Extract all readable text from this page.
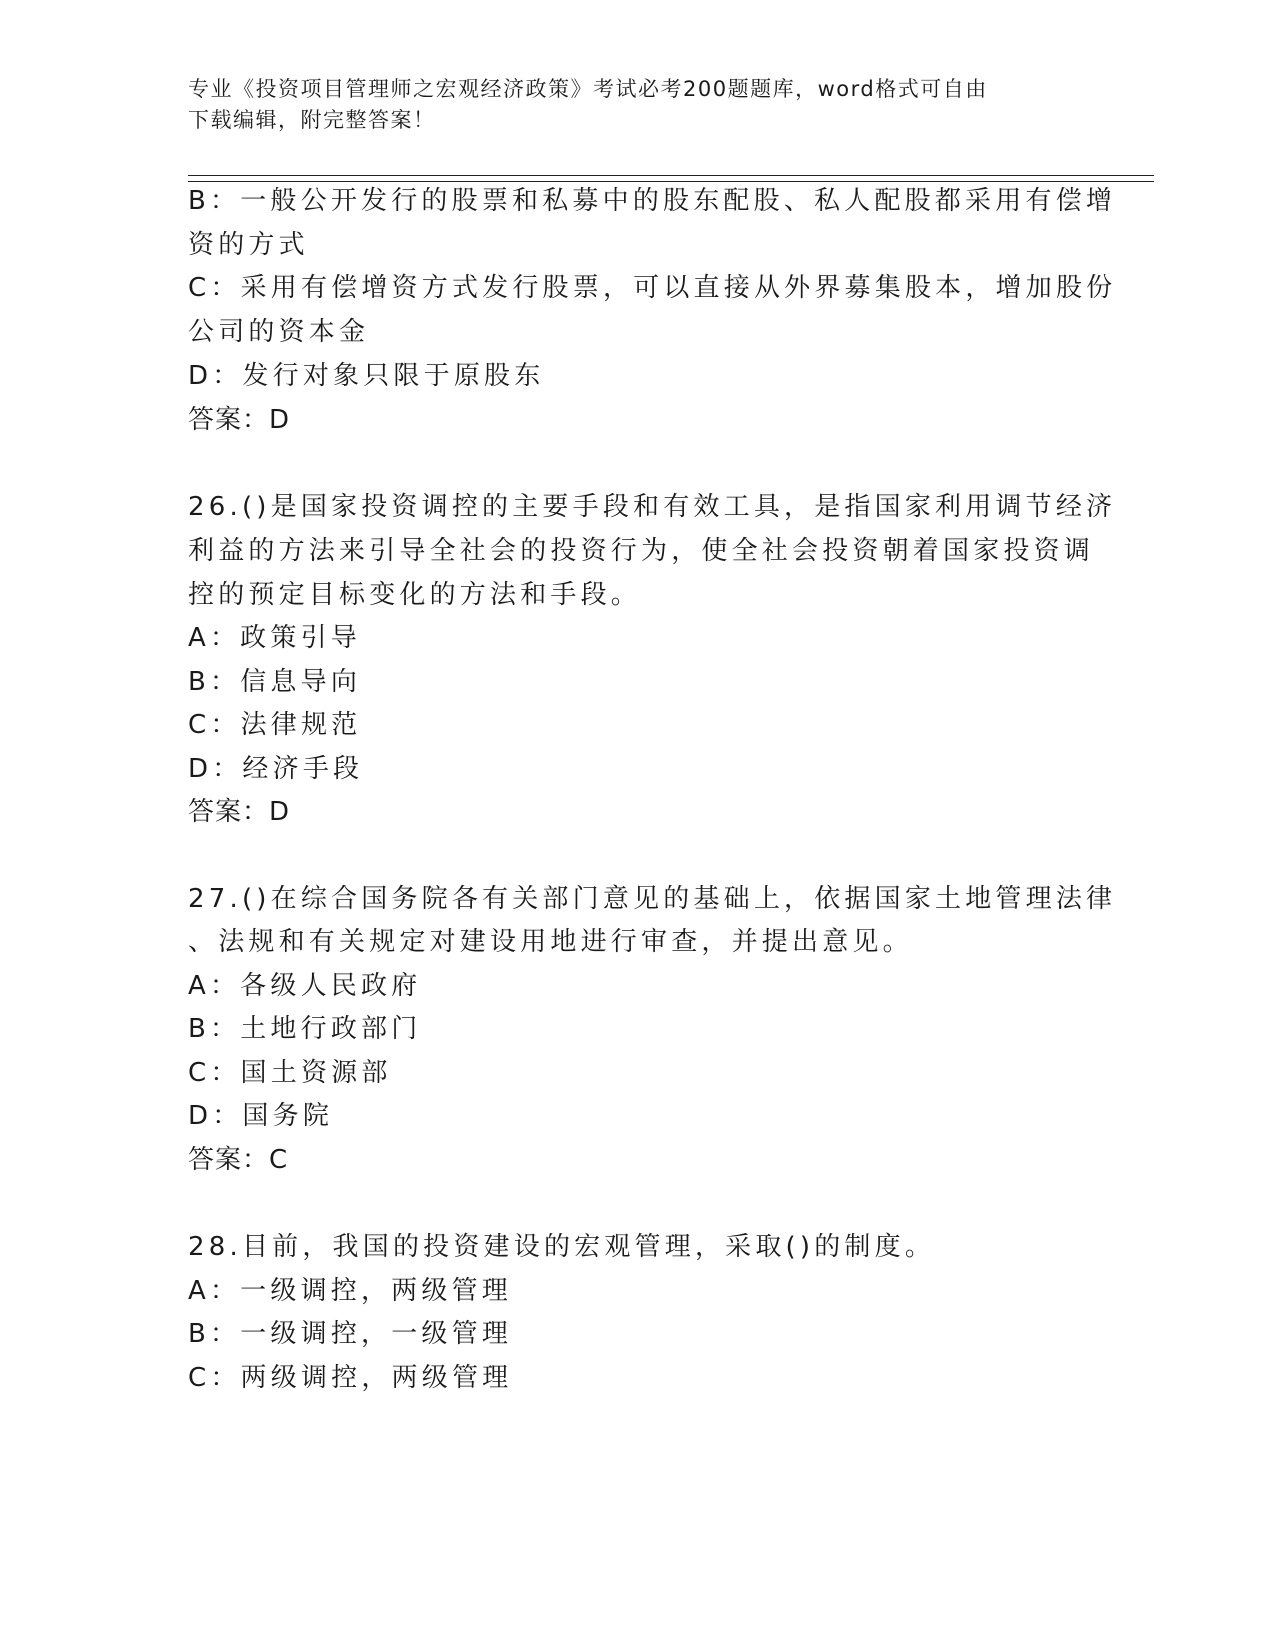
专业《投资项目管理师之宏观经济政策》考试必考200题题库，word格式可自由
下载编辑，附完整答案！
B：一般公开发行的股票和私募中的股东配股、私人配股都采用有偿增
资的方式
C：采用有偿增资方式发行股票，可以直接从外界募集股本，增加股份
公司的资本金
D：发行对象只限于原股东
答案：D
26.()是国家投资调控的主要手段和有效工具，是指国家利用调节经济
利益的方法来引导全社会的投资行为，使全社会投资朝着国家投资调
控的预定目标变化的方法和手段。
A：政策引导
B：信息导向
C：法律规范
D：经济手段
答案：D
27.()在综合国务院各有关部门意见的基础上，依据国家土地管理法律
、法规和有关规定对建设用地进行审查，并提出意见。
A：各级人民政府
B：土地行政部门
C：国土资源部
D：国务院
答案：C
28.目前，我国的投资建设的宏观管理，采取()的制度。
A：一级调控，两级管理
B：一级调控，一级管理
C：两级调控，两级管理
